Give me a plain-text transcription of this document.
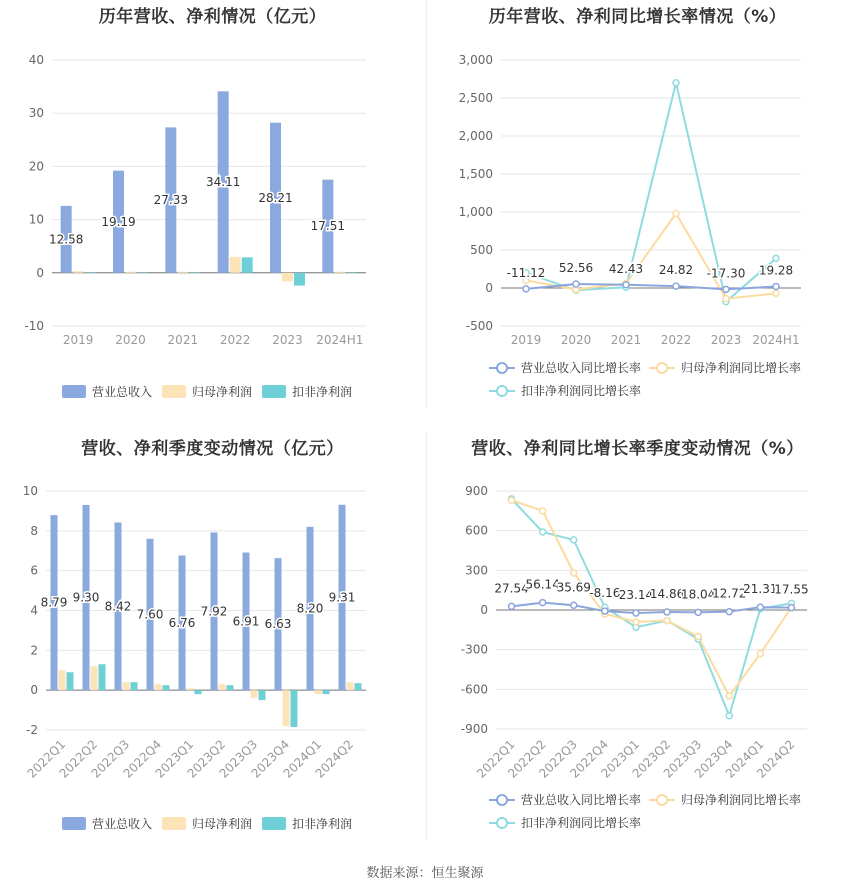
历年营收、净利情况（亿元）
-10
0
10
20
30
40
12.58
2019
19.19
2020
27.33
2021
34.11
2022
28.21
2023
17.51
2024H1
营业总收入	归母净利润	扣非净利润
历年营收、净利同比增长率情况（%）
-500
0
500
1,000
1,500
2,000
2,500
3,000
-11.12
2019
52.56
2020
42.43
2021
24.82
2022
-17.30
2023
19.28
2024H1
营业总收入同比增长率	归母净利润同比增长率
扣非净利润同比增长率
营收、净利季度变动情况（亿元）
-2
0
2
4
6
8
10
8.79
2022Q1
9.30
2022Q2
8.42
2022Q3
7.60
2022Q4
6.76
2023Q1
7.92
2023Q2
6.91
2023Q3
6.63
2023Q4
8.20
2024Q1
9.31
2024Q2
营业总收入	归母净利润	扣非净利润
营收、净利同比增长率季度变动情况（%）
-900
-600
-300
0
300
600
900
27.54
2022Q1
56.14
2022Q2
35.69
2022Q3
-8.16
2022Q4
23.14
2023Q1
14.86
2023Q2
18.04
2023Q3
12.72
2023Q4
21.31
2024Q1
17.55
2024Q2
营业总收入同比增长率	归母净利润同比增长率
扣非净利润同比增长率
数据来源：恒生聚源
